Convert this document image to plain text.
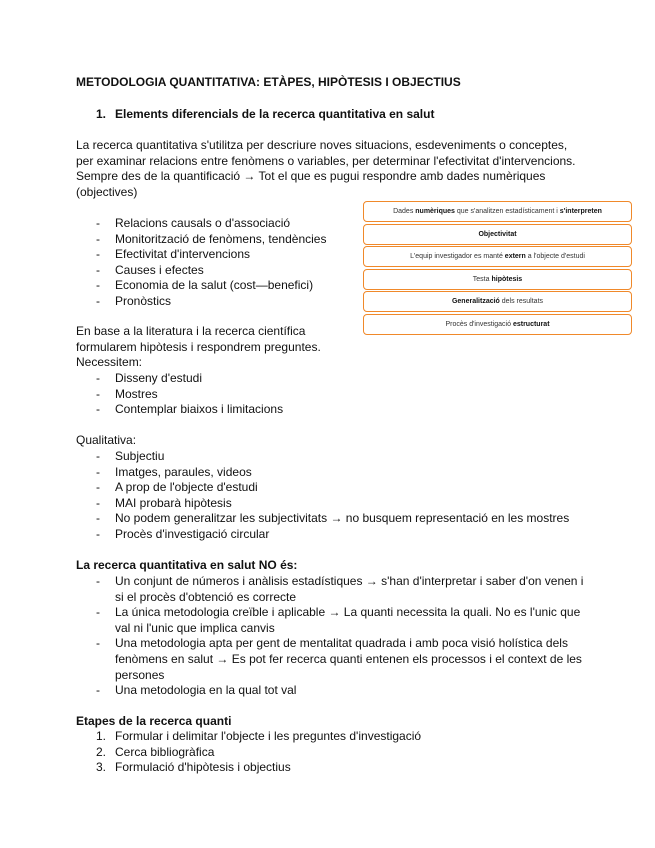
METODOLOGIA QUANTITATIVA: ETÀPES, HIPÒTESIS I OBJECTIUS
1. Elements diferencials de la recerca quantitativa en salut
La recerca quantitativa s'utilitza per descriure noves situacions, esdeveniments o conceptes,
per examinar relacions entre fenòmens o variables, per determinar l'efectivitat d'intervencions.
Sempre des de la quantificació → Tot el que es pugui respondre amb dades numèriques
(objectives)
- Relacions causals o d'associació
- Monitorització de fenòmens, tendències
- Efectivitat d'intervencions
- Causes i efectes
- Economia de la salut (cost—benefici)
- Pronòstics
En base a la literatura i la recerca científica
formularem hipòtesis i respondrem preguntes.
Necessitem:
- Disseny d'estudi
- Mostres
- Contemplar biaixos i limitacions
Qualitativa:
- Subjectiu
- Imatges, paraules, videos
- A prop de l'objecte d'estudi
- MAI probarà hipòtesis
- No podem generalitzar les subjectivitats → no busquem representació en les mostres
- Procès d'investigació circular
La recerca quantitativa en salut NO és:
- Un conjunt de números i anàlisis estadístiques → s'han d'interpretar i saber d'on venen i
si el procès d'obtenció es correcte
- La única metodologia creïble i aplicable → La quanti necessita la quali. No es l'unic que
val ni l'unic que implica canvis
- Una metodologia apta per gent de mentalitat quadrada i amb poca visió holística dels
fenòmens en salut → Es pot fer recerca quanti entenen els processos i el context de les
persones
- Una metodologia en la qual tot val
Etapes de la recerca quanti
1. Formular i delimitar l'objecte i les preguntes d'investigació
2. Cerca bibliogràfica
3. Formulació d'hipòtesis i objectius
Dades numèriques que s'analitzen estadísticament i s'interpreten
Objectivitat
L'equip investigador es manté extern a l'objecte d'estudi
Testa hipòtesis
Generalització dels resultats
Procès d'investigació estructurat
